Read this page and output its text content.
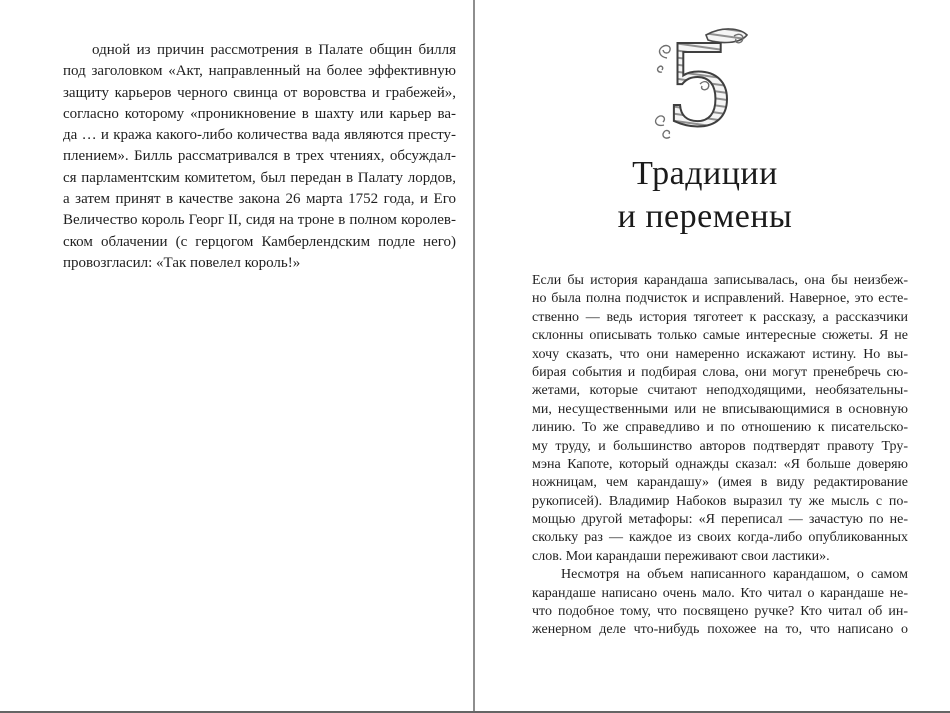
одной из причин рассмотрения в Палате общин билля
под заголовком «Акт, направленный на более эффективную
защиту карьеров черного свинца от воровства и грабежей»,
согласно которому «проникновение в шахту или карьер ва-
да … и кража какого-либо количества вада являются престу-
плением». Билль рассматривался в трех чтениях, обсуждал-
ся парламентским комитетом, был передан в Палату лордов,
а затем принят в качестве закона 26 марта 1752 года, и Его
Величество король Георг II, сидя на троне в полном королев-
ском облачении (с герцогом Камберлендским подле него)
провозгласил: «Так повелел король!»
5
Традиции
и перемены
Если бы история карандаша записывалась, она бы неизбеж-
но была полна подчисток и исправлений. Наверное, это есте-
ственно — ведь история тяготеет к рассказу, а рассказчики
склонны описывать только самые интересные сюжеты. Я не
хочу сказать, что они намеренно искажают истину. Но вы-
бирая события и подбирая слова, они могут пренебречь сю-
жетами, которые считают неподходящими, необязательны-
ми, несущественными или не вписывающимися в основную
линию. То же справедливо и по отношению к писательско-
му труду, и большинство авторов подтвердят правоту Тру-
мэна Капоте, который однажды сказал: «Я больше доверяю
ножницам, чем карандашу» (имея в виду редактирование
рукописей). Владимир Набоков выразил ту же мысль с по-
мощью другой метафоры: «Я переписал — зачастую по не-
скольку раз — каждое из своих когда-либо опубликованных
слов. Мои карандаши переживают свои ластики».
Несмотря на объем написанного карандашом, о самом
карандаше написано очень мало. Кто читал о карандаше не-
что подобное тому, что посвящено ручке? Кто читал об ин-
женерном деле что-нибудь похожее на то, что написано о
